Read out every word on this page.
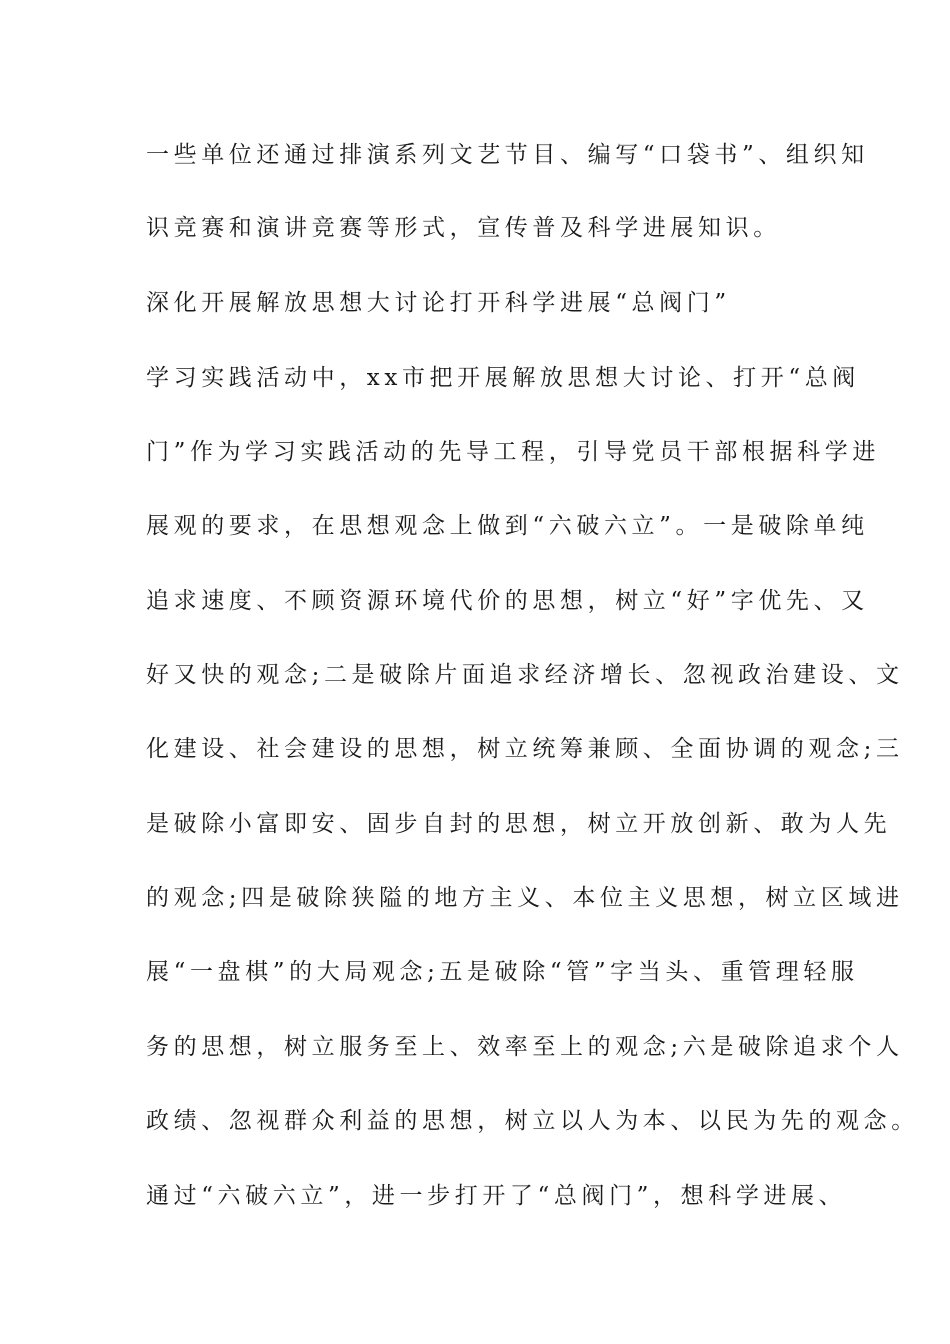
一些单位还通过排演系列文艺节目、编写“口袋书”、组织知
识竞赛和演讲竞赛等形式，宣传普及科学进展知识。
深化开展解放思想大讨论打开科学进展“总阀门”
学习实践活动中，xx市把开展解放思想大讨论、打开“总阀
门”作为学习实践活动的先导工程，引导党员干部根据科学进
展观的要求，在思想观念上做到“六破六立”。一是破除单纯
追求速度、不顾资源环境代价的思想，树立“好”字优先、又
好又快的观念;二是破除片面追求经济增长、忽视政治建设、文
化建设、社会建设的思想，树立统筹兼顾、全面协调的观念;三
是破除小富即安、固步自封的思想，树立开放创新、敢为人先
的观念;四是破除狭隘的地方主义、本位主义思想，树立区域进
展“一盘棋”的大局观念;五是破除“管”字当头、重管理轻服
务的思想，树立服务至上、效率至上的观念;六是破除追求个人
政绩、忽视群众利益的思想，树立以人为本、以民为先的观念。
通过“六破六立”，进一步打开了“总阀门”，想科学进展、
